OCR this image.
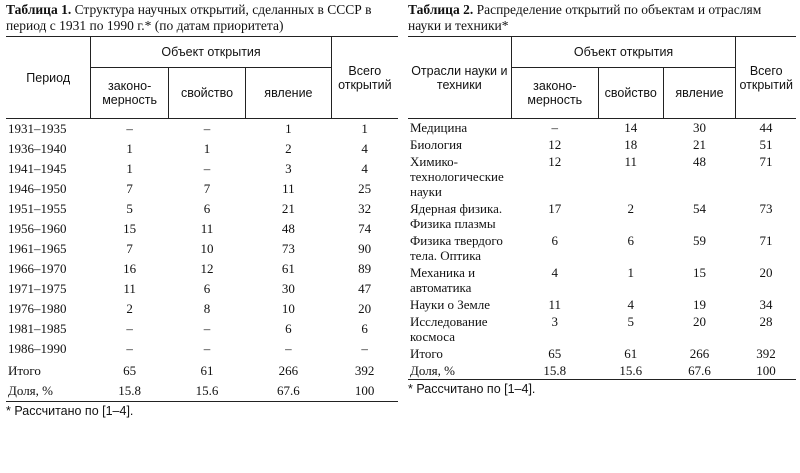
Таблица 1. Структура научных открытий, сделанных в СССР в период с 1931 по 1990 г.* (по датам приоритета)
Период	Объект открытия			Всего открытий
	законо-мерность	свойство	явление	
1931–1935	–	–	1	1
1936–1940	1	1	2	4
1941–1945	1	–	3	4
1946–1950	7	7	11	25
1951–1955	5	6	21	32
1956–1960	15	11	48	74
1961–1965	7	10	73	90
1966–1970	16	12	61	89
1971–1975	11	6	30	47
1976–1980	2	8	10	20
1981–1985	–	–	6	6
1986–1990	–	–	–	–
Итого	65	61	266	392
Доля, %	15.8	15.6	67.6	100
* Рассчитано по [1–4].
Таблица 2. Распределение открытий по объектам и отраслям науки и техники*
Отрасли науки и техники	Объект открытия			Всего открытий
	законо-мерность	свойство	явление	
Медицина	–	14	30	44
Биология	12	18	21	51
Химико-технологические науки	12	11	48	71
Ядерная физика. Физика плазмы	17	2	54	73
Физика твердого тела. Оптика	6	6	59	71
Механика и автоматика	4	1	15	20
Науки о Земле	11	4	19	34
Исследование космоса	3	5	20	28
Итого	65	61	266	392
Доля, %	15.8	15.6	67.6	100
* Рассчитано по [1–4].
